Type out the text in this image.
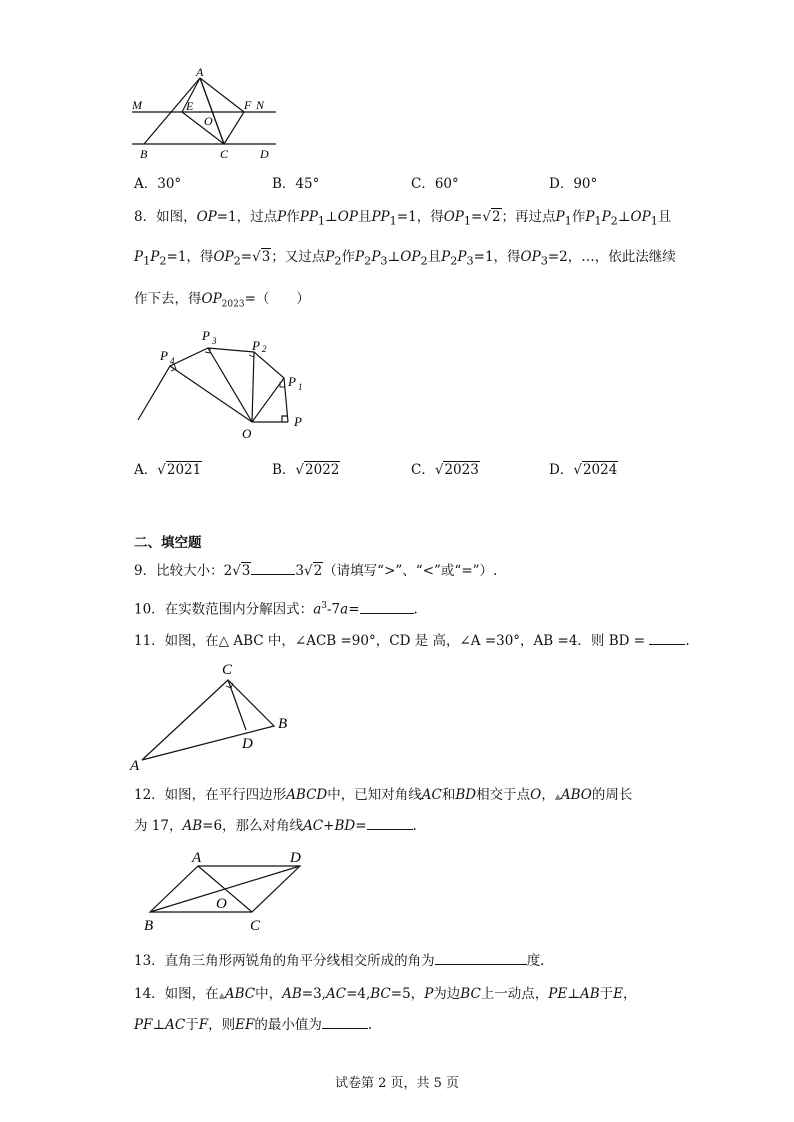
A
M	E	F N
O
B	C	D
A．30°	B．45°	C．60°	D．90°
8．如图，OP=1，过点P作$PP_1\perp OP$且$PP_1=1$，得$OP_1=√2$；再过点$P_1$作$P_1P_2\perp OP_1$且
$P_1P_2=1$，得$OP_2=√3$；又过点$P_2$作$P_2P_3\perp OP_2$且$P_2P_3=1$，得$OP_3=2$，…，依此法继续
作下去，得$OP_{2023}=$（　　）
P 4
P 3	P 2
P 1
O
P
A．√2021	B．√2022	C．√2023	D．√2024
二、填空题
9．比较大小：2√3	3√2（请填写“>”、“<”或“=”）.
10．在实数范围内分解因式：$a^3-7a=$	.
11．如图，在△ ABC 中，∠ACB =90°，CD 是 高，∠A =30°，AB =4．则 BD =	.
C
B
D
A
12．如图，在平行四边形ABCD中，已知对角线AC和BD相交于点O，▲ABO的周长
为 17，AB=6，那么对角线AC+BD=	.
A	D
O
B	C
13．直角三角形两锐角的角平分线相交所成的角为	度.
14．如图，在▲ABC中，AB=3,AC=4,BC=5，P为边BC上一动点，PE⊥AB于E，
PF⊥AC于F，则EF的最小值为	.
试卷第 2 页，共 5 页
